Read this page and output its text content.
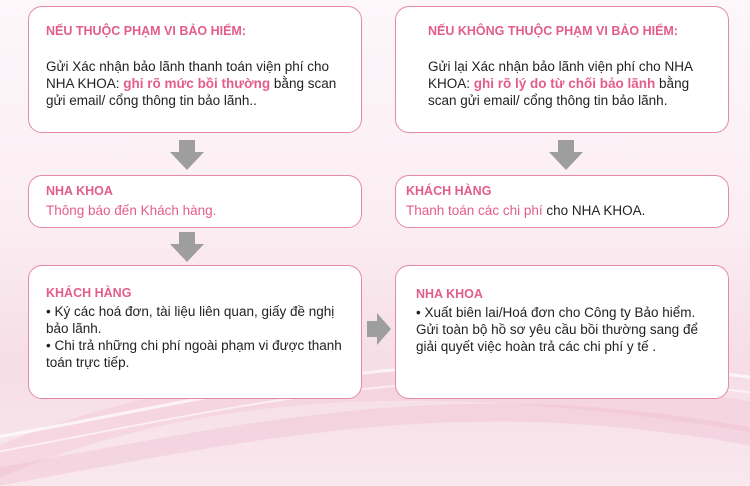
NẾU THUỘC PHẠM VI BẢO HIỂM:
Gửi Xác nhận bảo lãnh thanh toán viện phí cho NHA KHOA: ghi rõ mức bồi thường bằng scan gửi email/ cổng thông tin bảo lãnh..
NẾU KHÔNG THUỘC PHẠM VI BẢO HIỂM:
Gửi lại Xác nhận bảo lãnh viện phí cho NHA KHOA: ghi rõ lý do từ chối bảo lãnh bằng scan gửi email/ cổng thông tin bảo lãnh.
NHA KHOA
Thông báo đến Khách hàng.
KHÁCH HÀNG
Thanh toán các chi phí cho NHA KHOA.
KHÁCH HÀNG

• Ký các hoá đơn, tài liệu liên quan, giấy đề nghị bảo lãnh.

• Chi trả những chi phí ngoài phạm vi được thanh toán trực tiếp.

NHA KHOA
• Xuất biên lai/Hoá đơn cho Công ty Bảo hiểm. Gửi toàn bộ hồ sơ yêu cầu bồi thường sang để giải quyết việc hoàn trả các chi phí y tế .
